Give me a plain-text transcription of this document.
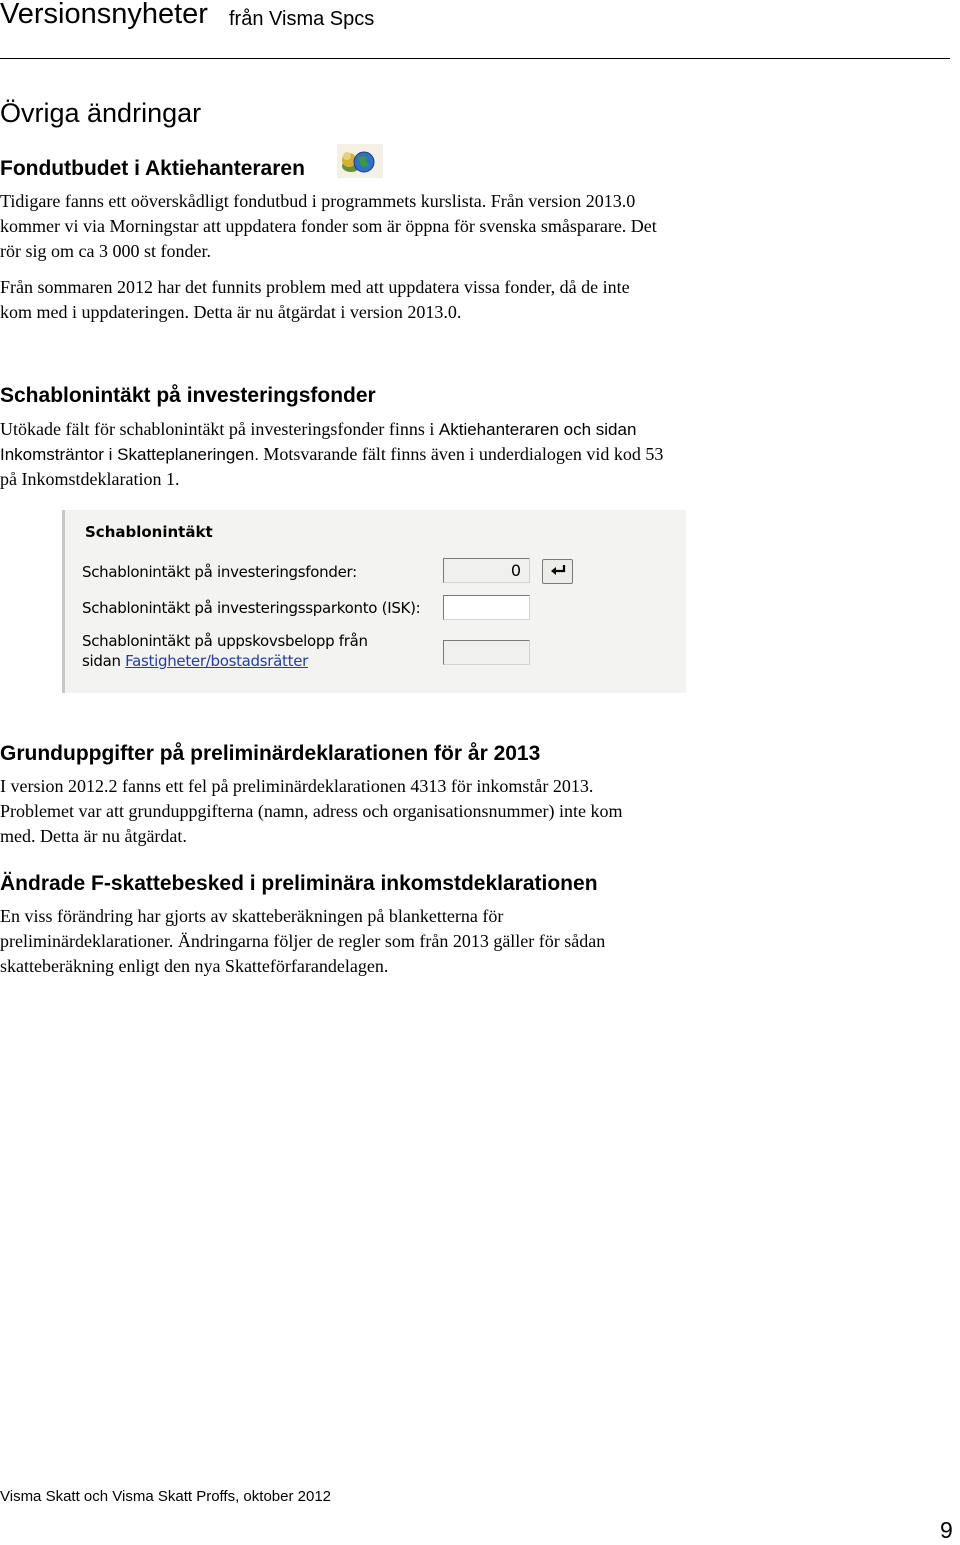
Versionsnyheter från Visma Spcs
Övriga ändringar
Fondutbudet i Aktiehanteraren

Tidigare fanns ett oöverskådligt fondutbud i programmets kurslista. Från version 2013.0
kommer vi via Morningstar att uppdatera fonder som är öppna för svenska småsparare. Det
rör sig om ca 3 000 st fonder.

Från sommaren 2012 har det funnits problem med att uppdatera vissa fonder, då de inte
kom med i uppdateringen. Detta är nu åtgärdat i version 2013.0.

Schablonintäkt på investeringsfonder

Utökade fält för schablonintäkt på investeringsfonder finns i Aktiehanteraren och sidan
Inkomsträntor i Skatteplaneringen. Motsvarande fält finns även i underdialogen vid kod 53
på Inkomstdeklaration 1.

Schablonintäkt
Schablonintäkt på investeringsfonder:	0
Schablonintäkt på investeringssparkonto (ISK):
Schablonintäkt på uppskovsbelopp från
sidan Fastigheter/bostadsrätter
Grunduppgifter på preliminärdeklarationen för år 2013

I version 2012.2 fanns ett fel på preliminärdeklarationen 4313 för inkomstår 2013.
Problemet var att grunduppgifterna (namn, adress och organisationsnummer) inte kom
med. Detta är nu åtgärdat.

Ändrade F-skattebesked i preliminära inkomstdeklarationen

En viss förändring har gjorts av skatteberäkningen på blanketterna för
preliminärdeklarationer. Ändringarna följer de regler som från 2013 gäller för sådan
skatteberäkning enligt den nya Skatteförfarandelagen.

Visma Skatt och Visma Skatt Proffs, oktober 2012
9
